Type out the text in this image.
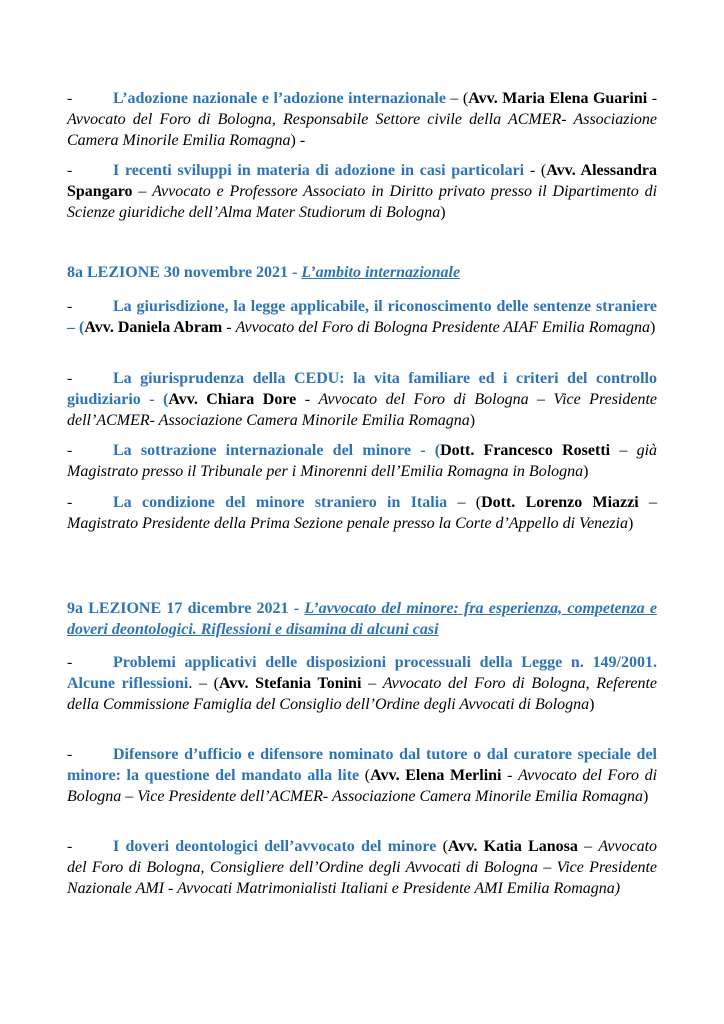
-	L’adozione nazionale e l’adozione internazionale – (Avv. Maria Elena Guarini - Avvocato del Foro di Bologna, Responsabile Settore civile della ACMER- Associazione Camera Minorile Emilia Romagna) -

-	I recenti sviluppi in materia di adozione in casi particolari - (Avv. Alessandra Spangaro – Avvocato e Professore Associato in Diritto privato presso il Dipartimento di Scienze giuridiche dell’Alma Mater Studiorum di Bologna)

8a LEZIONE 30 novembre 2021 - L’ambito internazionale

-	La giurisdizione, la legge applicabile, il riconoscimento delle sentenze straniere – (Avv. Daniela Abram - Avvocato del Foro di Bologna Presidente AIAF Emilia Romagna)

-	La giurisprudenza della CEDU: la vita familiare ed i criteri del controllo giudiziario - (Avv. Chiara Dore - Avvocato del Foro di Bologna – Vice Presidente dell’ACMER- Associazione Camera Minorile Emilia Romagna)

-	La sottrazione internazionale del minore - (Dott. Francesco Rosetti – già Magistrato presso il Tribunale per i Minorenni dell’Emilia Romagna in Bologna)

-	La condizione del minore straniero in Italia – (Dott. Lorenzo Miazzi – Magistrato Presidente della Prima Sezione penale presso la Corte d’Appello di Venezia)

9a LEZIONE 17 dicembre 2021 - L’avvocato del minore: fra esperienza, competenza e doveri deontologici. Riflessioni e disamina di alcuni casi

-	Problemi applicativi delle disposizioni processuali della Legge n. 149/2001. Alcune riflessioni. – (Avv. Stefania Tonini – Avvocato del Foro di Bologna, Referente della Commissione Famiglia del Consiglio dell’Ordine degli Avvocati di Bologna)

-	Difensore d’ufficio e difensore nominato dal tutore o dal curatore speciale del minore: la questione del mandato alla lite (Avv. Elena Merlini - Avvocato del Foro di Bologna – Vice Presidente dell’ACMER- Associazione Camera Minorile Emilia Romagna)

-	I doveri deontologici dell’avvocato del minore (Avv. Katia Lanosa – Avvocato del Foro di Bologna, Consigliere dell’Ordine degli Avvocati di Bologna – Vice Presidente Nazionale AMI - Avvocati Matrimonialisti Italiani e Presidente AMI Emilia Romagna)
